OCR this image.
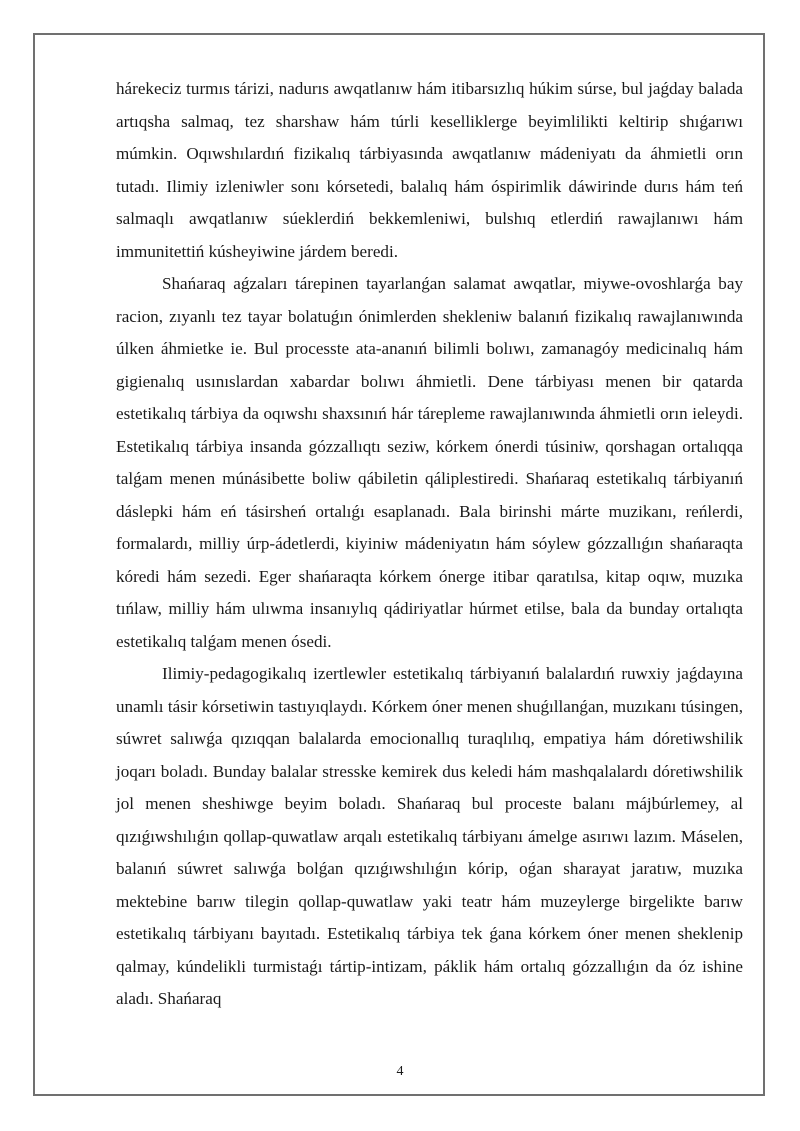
hárekeciz turmıs tárizi, nadurıs awqatlanıw hám itibarsızlıq húkim súrse, bul jaǵday balada artıqsha salmaq, tez sharshaw hám túrli keselliklerge beyimlilikti keltirip shıǵarıwı múmkin. Oqıwshılardıń fizikalıq tárbiyasında awqatlanıw mádeniyatı da áhmietli orın tutadı. Ilimiy izleniwler sonı kórsetedi, balalıq hám óspirimlik dáwirinde durıs hám teń salmaqlı awqatlanıw súeklerdiń bekkemleniwi, bulshıq etlerdiń rawajlanıwı hám immunitettiń kúsheyiwine járdem beredi.

Shańaraq aǵzaları tárepinen tayarlanǵan salamat awqatlar, miywe-ovoshlarǵa bay racion, zıyanlı tez tayar bolatuǵın ónimlerden shekleniw balanıń fizikalıq rawajlanıwında úlken áhmietke ie. Bul processte ata-ananıń bilimli bolıwı, zamanagóy medicinalıq hám gigienalıq usınıslardan xabardar bolıwı áhmietli. Dene tárbiyası menen bir qatarda estetikalıq tárbiya da oqıwshı shaxsınıń hár tárepleme rawajlanıwında áhmietli orın ieleydi. Estetikalıq tárbiya insanda gózzallıqtı seziw, kórkem ónerdi túsiniw, qorshagan ortalıqqa talǵam menen múnásibette boliw qábiletin qáliplestiredi. Shańaraq estetikalıq tárbiyanıń dáslepki hám eń tásirsheń ortalıǵı esaplanadı. Bala birinshi márte muzikanı, reńlerdi, formalardı, milliy úrp-ádetlerdi, kiyiniw mádeniyatın hám sóylew gózzallıǵın shańaraqta kóredi hám sezedi. Eger shańaraqta kórkem ónerge itibar qaratılsa, kitap oqıw, muzıka tıńlaw, milliy hám ulıwma insanıylıq qádiriyatlar húrmet etilse, bala da bunday ortalıqta estetikalıq talǵam menen ósedi.

Ilimiy-pedagogikalıq izertlewler estetikalıq tárbiyanıń balalardıń ruwxiy jaǵdayına unamlı tásir kórsetiwin tastıyıqlaydı. Kórkem óner menen shuǵıllanǵan, muzıkanı túsingen, súwret salıwǵa qızıqqan balalarda emocionallıq turaqlılıq, empatiya hám dóretiwshilik joqarı boladı. Bunday balalar stresske kemirek dus keledi hám mashqalalardı dóretiwshilik jol menen sheshiwge beyim boladı. Shańaraq bul proceste balanı májbúrlemey, al qızıǵıwshılıǵın qollap-quwatlaw arqalı estetikalıq tárbiyanı ámelge asırıwı lazım. Máselen, balanıń súwret salıwǵa bolǵan qızıǵıwshılıǵın kórip, oǵan sharayat jaratıw, muzıka mektebine barıw tilegin qollap-quwatlaw yaki teatr hám muzeylerge birgelikte barıw estetikalıq tárbiyanı bayıtadı. Estetikalıq tárbiya tek ǵana kórkem óner menen sheklenip qalmay, kúndelikli turmistaǵı tártip-intizam, páklik hám ortalıq gózzallıǵın da óz ishine aladı. Shańaraq

4
